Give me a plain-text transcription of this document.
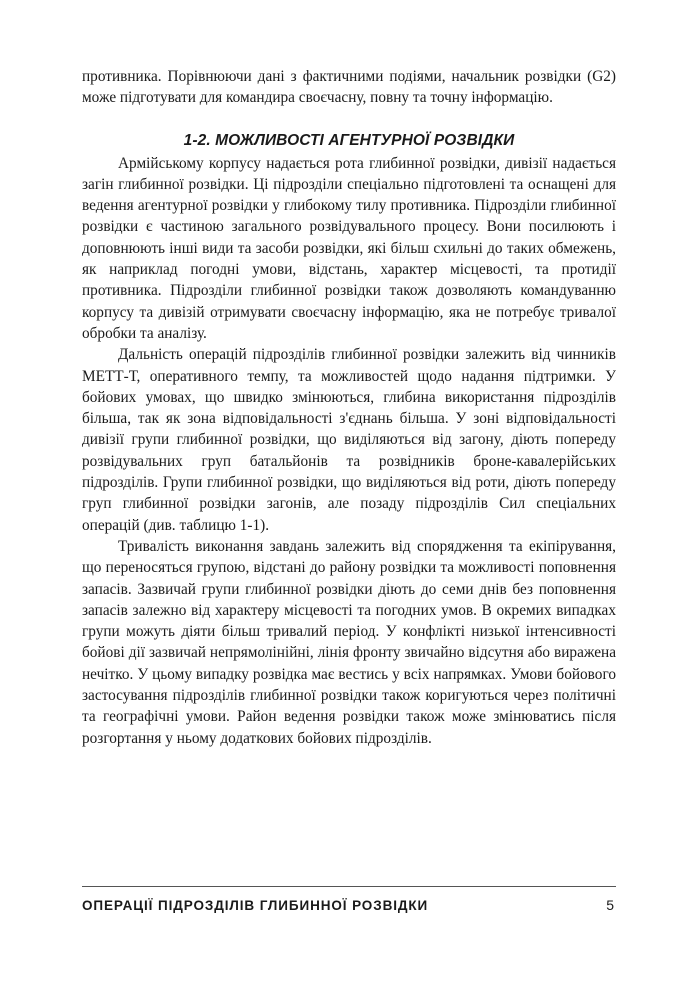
противника. Порівнюючи дані з фактичними подіями, начальник розвідки (G2) може підготувати для командира своєчасну, повну та точну інформацію.

1-2. МОЖЛИВОСТІ АГЕНТУРНОЇ РОЗВІДКИ

Армійському корпусу надається рота глибинної розвідки, дивізії надається загін глибинної розвідки. Ці підрозділи спеціально підготовлені та оснащені для ведення агентурної розвідки у глибокому тилу противника. Підрозділи глибинної розвідки є частиною загального розвідувального процесу. Вони посилюють і доповнюють інші види та засоби розвідки, які більш схильні до таких обмежень, як наприклад погодні умови, відстань, характер місцевості, та протидії противника. Підрозділи глибинної розвідки також дозволяють командуванню корпусу та дивізій отримувати своєчасну інформацію, яка не потребує тривалої обробки та аналізу.

Дальність операцій підрозділів глибинної розвідки залежить від чинників МЕТТ-Т, оперативного темпу, та можливостей щодо надання підтримки. У бойових умовах, що швидко змінюються, глибина використання підрозділів більша, так як зона відповідальності з'єднань більша. У зоні відповідальності дивізії групи глибинної розвідки, що виділяються від загону, діють попереду розвідувальних груп батальйонів та розвідників броне-кавалерійських підрозділів. Групи глибинної розвідки, що виділяються від роти, діють попереду груп глибинної розвідки загонів, але позаду підрозділів Сил спеціальних операцій (див. таблицю 1-1).

Тривалість виконання завдань залежить від спорядження та екіпірування, що переносяться групою, відстані до району розвідки та можливості поповнення запасів. Зазвичай групи глибинної розвідки діють до семи днів без поповнення запасів залежно від характеру місцевості та погодних умов. В окремих випадках групи можуть діяти більш тривалий період. У конфлікті низької інтенсивності бойові дії зазвичай непрямолінійні, лінія фронту звичайно відсутня або виражена нечітко. У цьому випадку розвідка має вестись у всіх напрямках. Умови бойового застосування підрозділів глибинної розвідки також коригуються через політичні та географічні умови. Район ведення розвідки також може змінюватись після розгортання у ньому додаткових бойових підрозділів.

ОПЕРАЦІЇ ПІДРОЗДІЛІВ ГЛИБИННОЇ РОЗВІДКИ	5
